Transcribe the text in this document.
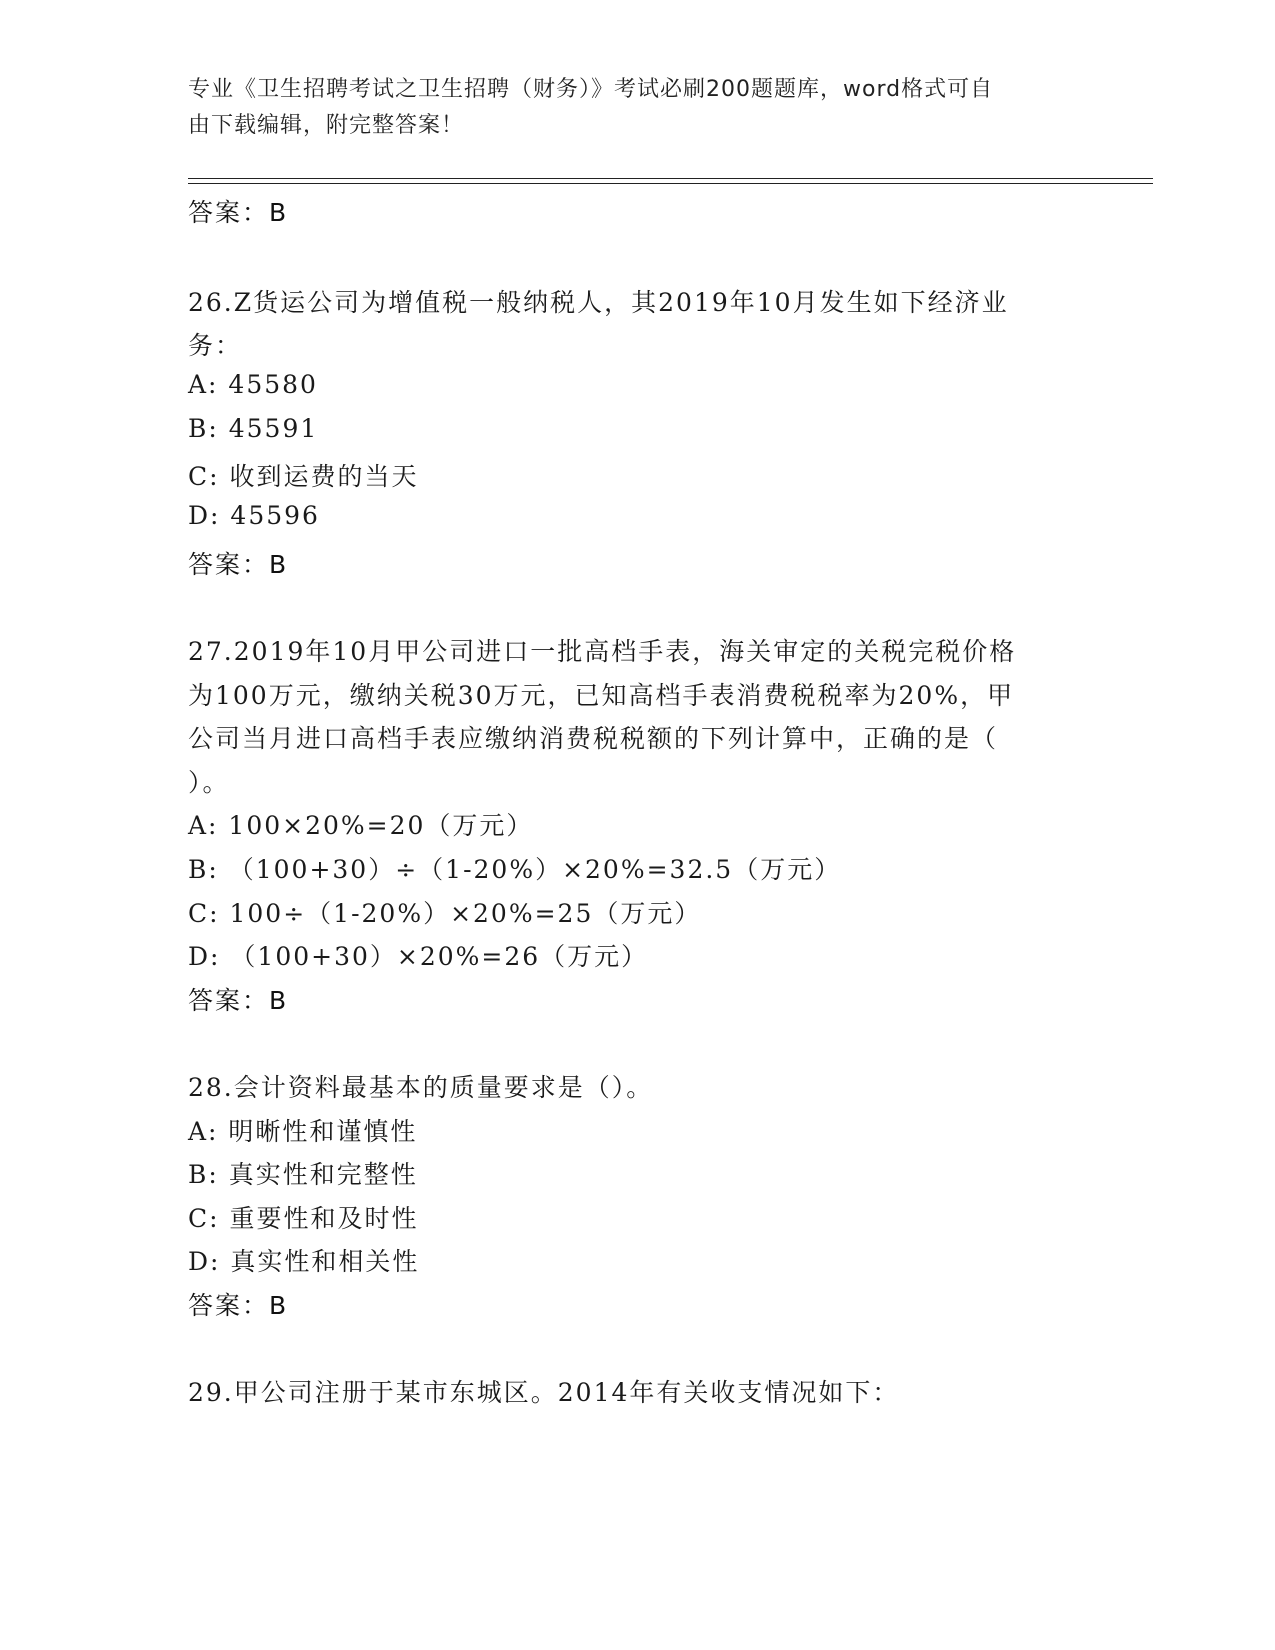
专业《卫生招聘考试之卫生招聘（财务）》考试必刷200题题库，word格式可自
由下载编辑，附完整答案！
答案：B
26.Z货运公司为增值税一般纳税人，其2019年10月发生如下经济业
务：
A: 45580
B: 45591
C: 收到运费的当天
D: 45596
答案：B
27.2019年10月甲公司进口一批高档手表，海关审定的关税完税价格
为100万元，缴纳关税30万元，已知高档手表消费税税率为20%，甲
公司当月进口高档手表应缴纳消费税税额的下列计算中，正确的是（
）。
A: 100×20%=20（万元）
B: （100+30）÷（1-20%）×20%=32.5（万元）
C: 100÷（1-20%）×20%=25（万元）
D: （100+30）×20%=26（万元）
答案：B
28.会计资料最基本的质量要求是（）。
A: 明晰性和谨慎性
B: 真实性和完整性
C: 重要性和及时性
D: 真实性和相关性
答案：B
29.甲公司注册于某市东城区。2014年有关收支情况如下：
